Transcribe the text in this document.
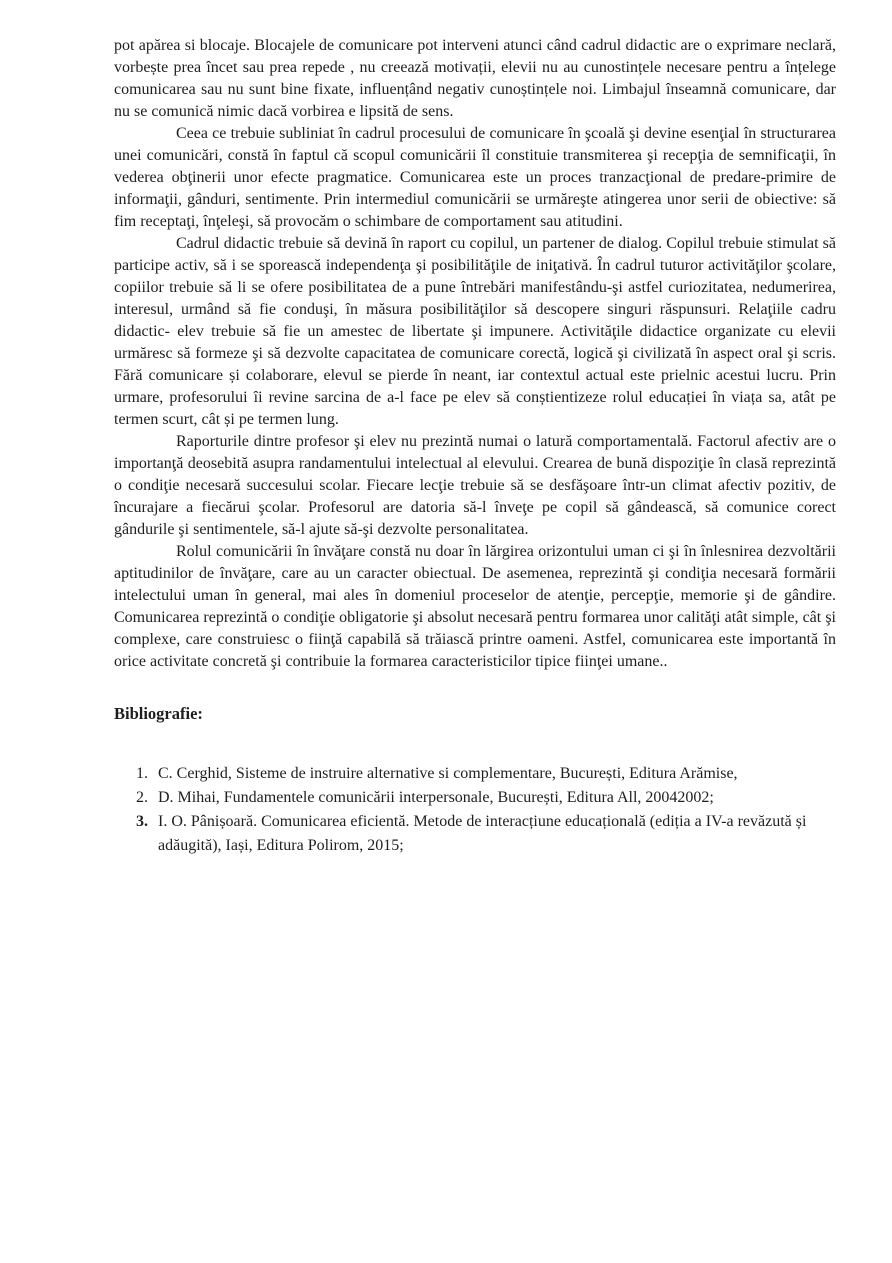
pot apărea si blocaje. Blocajele de comunicare pot interveni atunci când cadrul didactic are o exprimare neclară, vorbește prea încet sau prea repede , nu creează motivații, elevii nu au cunostințele necesare pentru a înțelege comunicarea sau nu sunt bine fixate, influențând negativ cunoștințele noi. Limbajul înseamnă comunicare, dar nu se comunică nimic dacă vorbirea e lipsită de sens.

Ceea ce trebuie subliniat în cadrul procesului de comunicare în şcoală şi devine esenţial în structurarea unei comunicări, constă în faptul că scopul comunicării îl constituie transmiterea şi recepţia de semnificaţii, în vederea obţinerii unor efecte pragmatice. Comunicarea este un proces tranzacţional de predare-primire de informaţii, gânduri, sentimente. Prin intermediul comunicării se urmăreşte atingerea unor serii de obiective: să fim receptaţi, înţeleşi, să provocăm o schimbare de comportament sau atitudini.

Cadrul didactic trebuie să devină în raport cu copilul, un partener de dialog. Copilul trebuie stimulat să participe activ, să i se sporească independenţa şi posibilităţile de iniţativă. În cadrul tuturor activităţilor şcolare, copiilor trebuie să li se ofere posibilitatea de a pune întrebări manifestându-şi astfel curiozitatea, nedumerirea, interesul, urmând să fie conduşi, în măsura posibilităţilor să descopere singuri răspunsuri. Relaţiile cadru didactic- elev trebuie să fie un amestec de libertate şi impunere. Activităţile didactice organizate cu elevii urmăresc să formeze şi să dezvolte capacitatea de comunicare corectă, logică şi civilizată în aspect oral şi scris. Fără comunicare și colaborare, elevul se pierde în neant, iar contextul actual este prielnic acestui lucru. Prin urmare, profesorului îi revine sarcina de a-l face pe elev să conștientizeze rolul educației în viața sa, atât pe termen scurt, cât și pe termen lung.

Raporturile dintre profesor şi elev nu prezintă numai o latură comportamentală. Factorul afectiv are o importanţă deosebită asupra randamentului intelectual al elevului. Crearea de bună dispoziţie în clasă reprezintă o condiţie necesară succesului scolar. Fiecare lecţie trebuie să se desfăşoare într-un climat afectiv pozitiv, de încurajare a fiecărui şcolar. Profesorul are datoria să-l înveţe pe copil să gândească, să comunice corect gândurile şi sentimentele, să-l ajute să-şi dezvolte personalitatea.

Rolul comunicării în învăţare constă nu doar în lărgirea orizontului uman ci şi în înlesnirea dezvoltării aptitudinilor de învăţare, care au un caracter obiectual. De asemenea, reprezintă şi condiţia necesară formării intelectului uman în general, mai ales în domeniul proceselor de atenţie, percepţie, memorie şi de gândire. Comunicarea reprezintă o condiţie obligatorie şi absolut necesară pentru formarea unor calităţi atât simple, cât şi complexe, care construiesc o fiinţă capabilă să trăiască printre oameni. Astfel, comunicarea este importantă în orice activitate concretă şi contribuie la formarea caracteristicilor tipice fiinţei umane..

Bibliografie:
1. C. Cerghid, Sisteme de instruire alternative si complementare, București, Editura Arămise,
2. D. Mihai, Fundamentele comunicării interpersonale, București, Editura All, 20042002;
3. I. O. Pânișoară. Comunicarea eficientă. Metode de interacțiune educațională (ediția a IV-a revăzută și adăugită), Iași, Editura Polirom, 2015;
